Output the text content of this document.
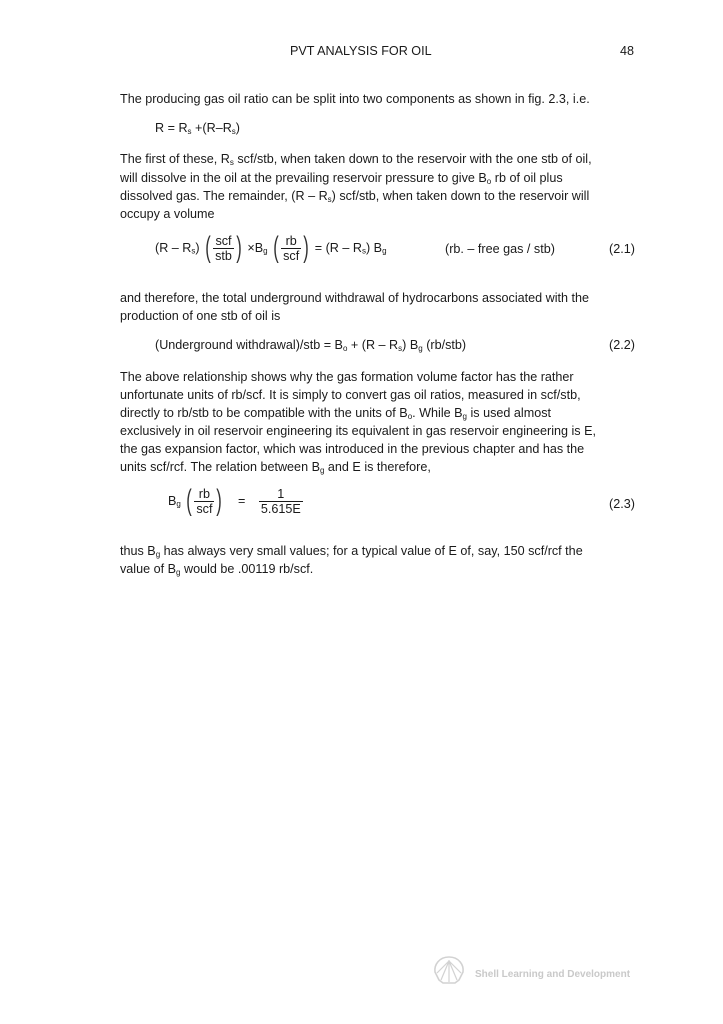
PVT ANALYSIS FOR OIL	48
The producing gas oil ratio can be split into two components as shown in fig. 2.3, i.e.
$R = R_s +(R-R_s)$
The first of these, $R_s$ scf/stb, when taken down to the reservoir with the one stb of oil,
will dissolve in the oil at the prevailing reservoir pressure to give $B_o$ rb of oil plus
dissolved gas. The remainder, $(R - R_s)$ scf/stb, when taken down to the reservoir will
occupy a volume
$(R - R_s)$ ( $\frac{\text{scf}}{\text{stb}}$ ) $\times B_g$ ( $\frac{rb}{\text{scf}}$ ) = $(R - R_s)$ $B_g$	(rb. – free gas / stb)	(2.1)
and therefore, the total underground withdrawal of hydrocarbons associated with the
production of one stb of oil is
(Underground withdrawal)/stb = $B_o + (R - R_s)$ $B_g$ (rb/stb)	(2.2)
The above relationship shows why the gas formation volume factor has the rather
unfortunate units of rb/scf. It is simply to convert gas oil ratios, measured in scf/stb,
directly to rb/stb to be compatible with the units of $B_o$. While $B_g$ is used almost
exclusively in oil reservoir engineering its equivalent in gas reservoir engineering is E,
the gas expansion factor, which was introduced in the previous chapter and has the
units scf/rcf. The relation between $B_g$ and E is therefore,
$B_g$ ( $\frac{rb}{\text{scf}}$ ) = $\frac{1}{5.615E}$	(2.3)
thus $B_g$ has always very small values; for a typical value of E of, say, 150 scf/rcf the
value of $B_g$ would be .00119 rb/scf.
Shell Learning and Development
